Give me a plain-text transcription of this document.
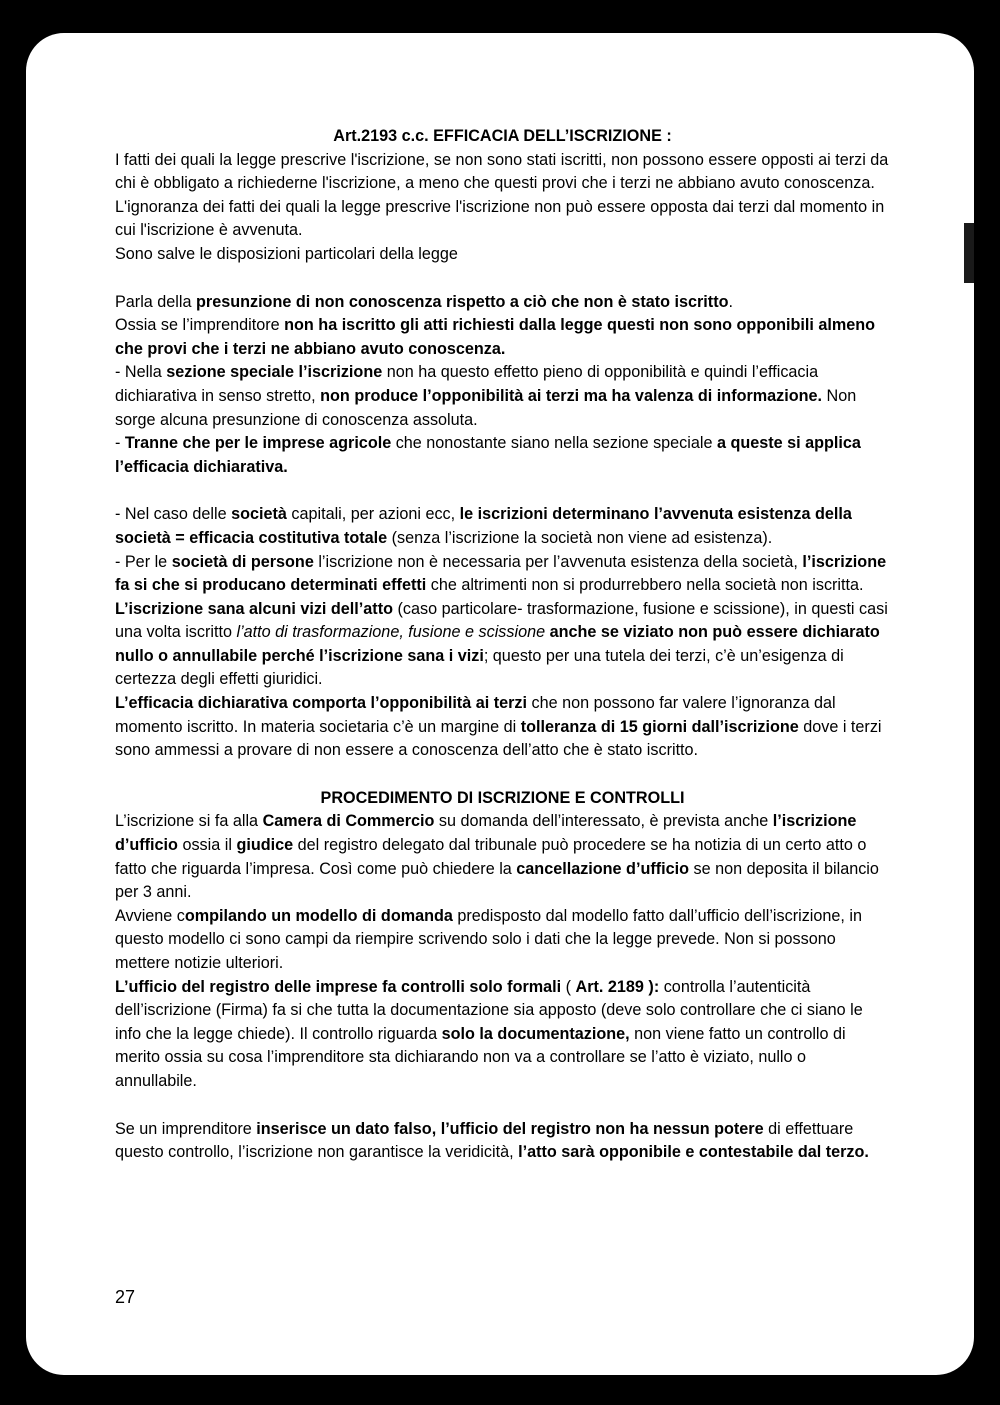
Art.2193 c.c. EFFICACIA DELL’ISCRIZIONE :

I fatti dei quali la legge prescrive l'iscrizione, se non sono stati iscritti, non possono essere opposti ai terzi da chi è obbligato a richiederne l'iscrizione, a meno che questi provi che i terzi ne abbiano avuto conoscenza.

L'ignoranza dei fatti dei quali la legge prescrive l'iscrizione non può essere opposta dai terzi dal momento in cui l'iscrizione è avvenuta.

Sono salve le disposizioni particolari della legge

Parla della presunzione di non conoscenza rispetto a ciò che non è stato iscritto.

Ossia se l’imprenditore non ha iscritto gli atti richiesti dalla legge questi non sono opponibili almeno che provi che i terzi ne abbiano avuto conoscenza.

- Nella sezione speciale l’iscrizione non ha questo effetto pieno di opponibilità e quindi l’efficacia dichiarativa in senso stretto, non produce l’opponibilità ai terzi ma ha valenza di informazione. Non sorge alcuna presunzione di conoscenza assoluta.

- Tranne che per le imprese agricole che nonostante siano nella sezione speciale a queste si applica l’efficacia dichiarativa.

- Nel caso delle società capitali, per azioni ecc, le iscrizioni determinano l’avvenuta esistenza della società = efficacia costitutiva totale (senza l’iscrizione la società non viene ad esistenza).

- Per le società di persone l’iscrizione non è necessaria per l’avvenuta esistenza della società, l’iscrizione fa si che si producano determinati effetti che altrimenti non si produrrebbero nella società non iscritta.

L’iscrizione sana alcuni vizi dell’atto (caso particolare- trasformazione, fusione e scissione), in questi casi una volta iscritto l’atto di trasformazione, fusione e scissione anche se viziato non può essere dichiarato nullo o annullabile perché l’iscrizione sana i vizi; questo per una tutela dei terzi, c’è un’esigenza di certezza degli effetti giuridici.

L’efficacia dichiarativa comporta l’opponibilità ai terzi che non possono far valere l’ignoranza dal momento iscritto. In materia societaria c’è un margine di tolleranza di 15 giorni dall’iscrizione dove i terzi sono ammessi a provare di non essere a conoscenza dell’atto che è stato iscritto.

PROCEDIMENTO DI ISCRIZIONE E CONTROLLI

L’iscrizione si fa alla Camera di Commercio su domanda dell’interessato, è prevista anche l’iscrizione d’ufficio ossia il giudice del registro delegato dal tribunale può procedere se ha notizia di un certo atto o fatto che riguarda l’impresa. Così come può chiedere la cancellazione d’ufficio se non deposita il bilancio per 3 anni.

Avviene compilando un modello di domanda predisposto dal modello fatto dall’ufficio dell’iscrizione, in questo modello ci sono campi da riempire scrivendo solo i dati che la legge prevede. Non si possono mettere notizie ulteriori.

L’ufficio del registro delle imprese fa controlli solo formali ( Art. 2189 ): controlla l’autenticità dell’iscrizione (Firma) fa si che tutta la documentazione sia apposto (deve solo controllare che ci siano le info che la legge chiede). Il controllo riguarda solo la documentazione, non viene fatto un controllo di merito ossia su cosa l’imprenditore sta dichiarando non va a controllare se l’atto è viziato, nullo o annullabile.

Se un imprenditore inserisce un dato falso, l’ufficio del registro non ha nessun potere di effettuare questo controllo, l’iscrizione non garantisce la veridicità, l’atto sarà opponibile e contestabile dal terzo.

27
